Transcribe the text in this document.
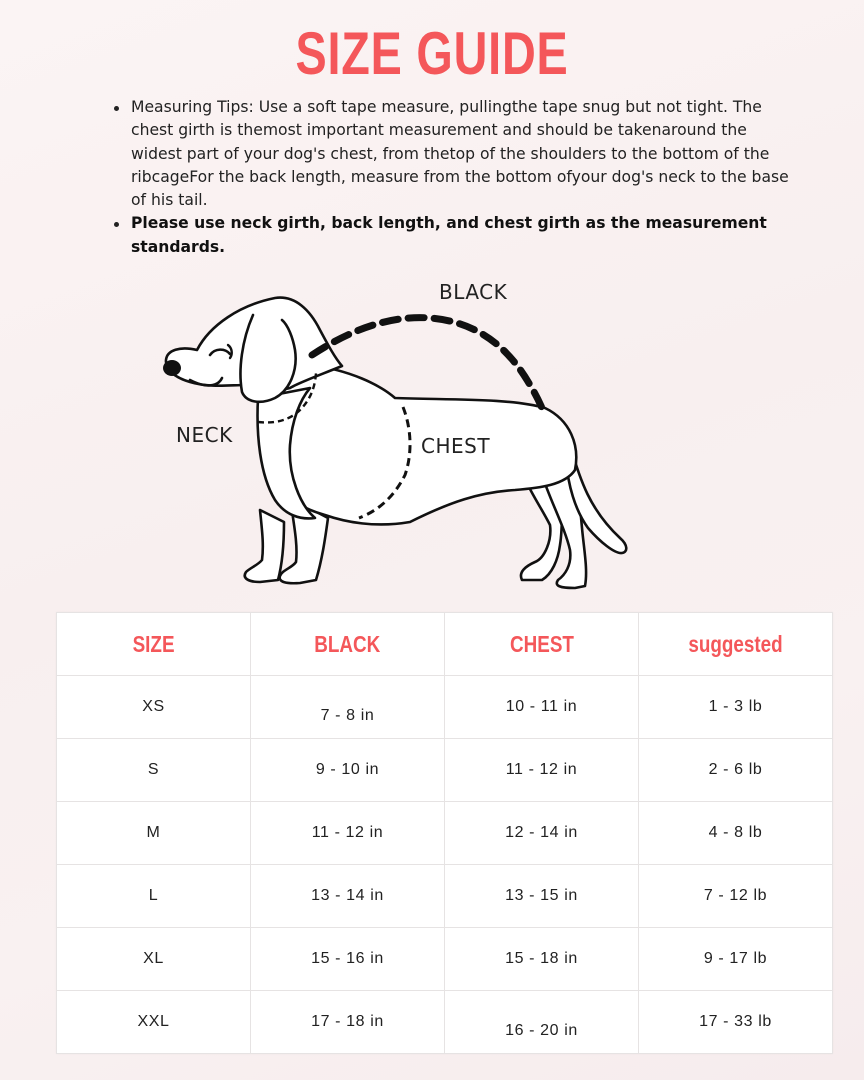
SIZE GUIDE
Measuring Tips: Use a soft tape measure, pullingthe tape snug but not tight. The chest girth is themost important measurement and should be takenaround the widest part of your dog's chest, from thetop of the shoulders to the bottom of the ribcageFor the back length, measure from the bottom ofyour dog's neck to the base of his tail.
Please use neck girth, back length, and chest girth as the measurement standards.
BLACK
NECK	CHEST
SIZE	BLACK	CHEST	suggested
XS	7 - 8 in	10 - 11 in	1 - 3 lb
S	9 - 10 in	11 - 12 in	2 - 6 lb
M	11 - 12 in	12 - 14 in	4 - 8 lb
L	13 - 14 in	13 - 15 in	7 - 12 lb
XL	15 - 16 in	15 - 18 in	9 - 17 lb
XXL	17 - 18 in	16 - 20 in	17 - 33 lb
